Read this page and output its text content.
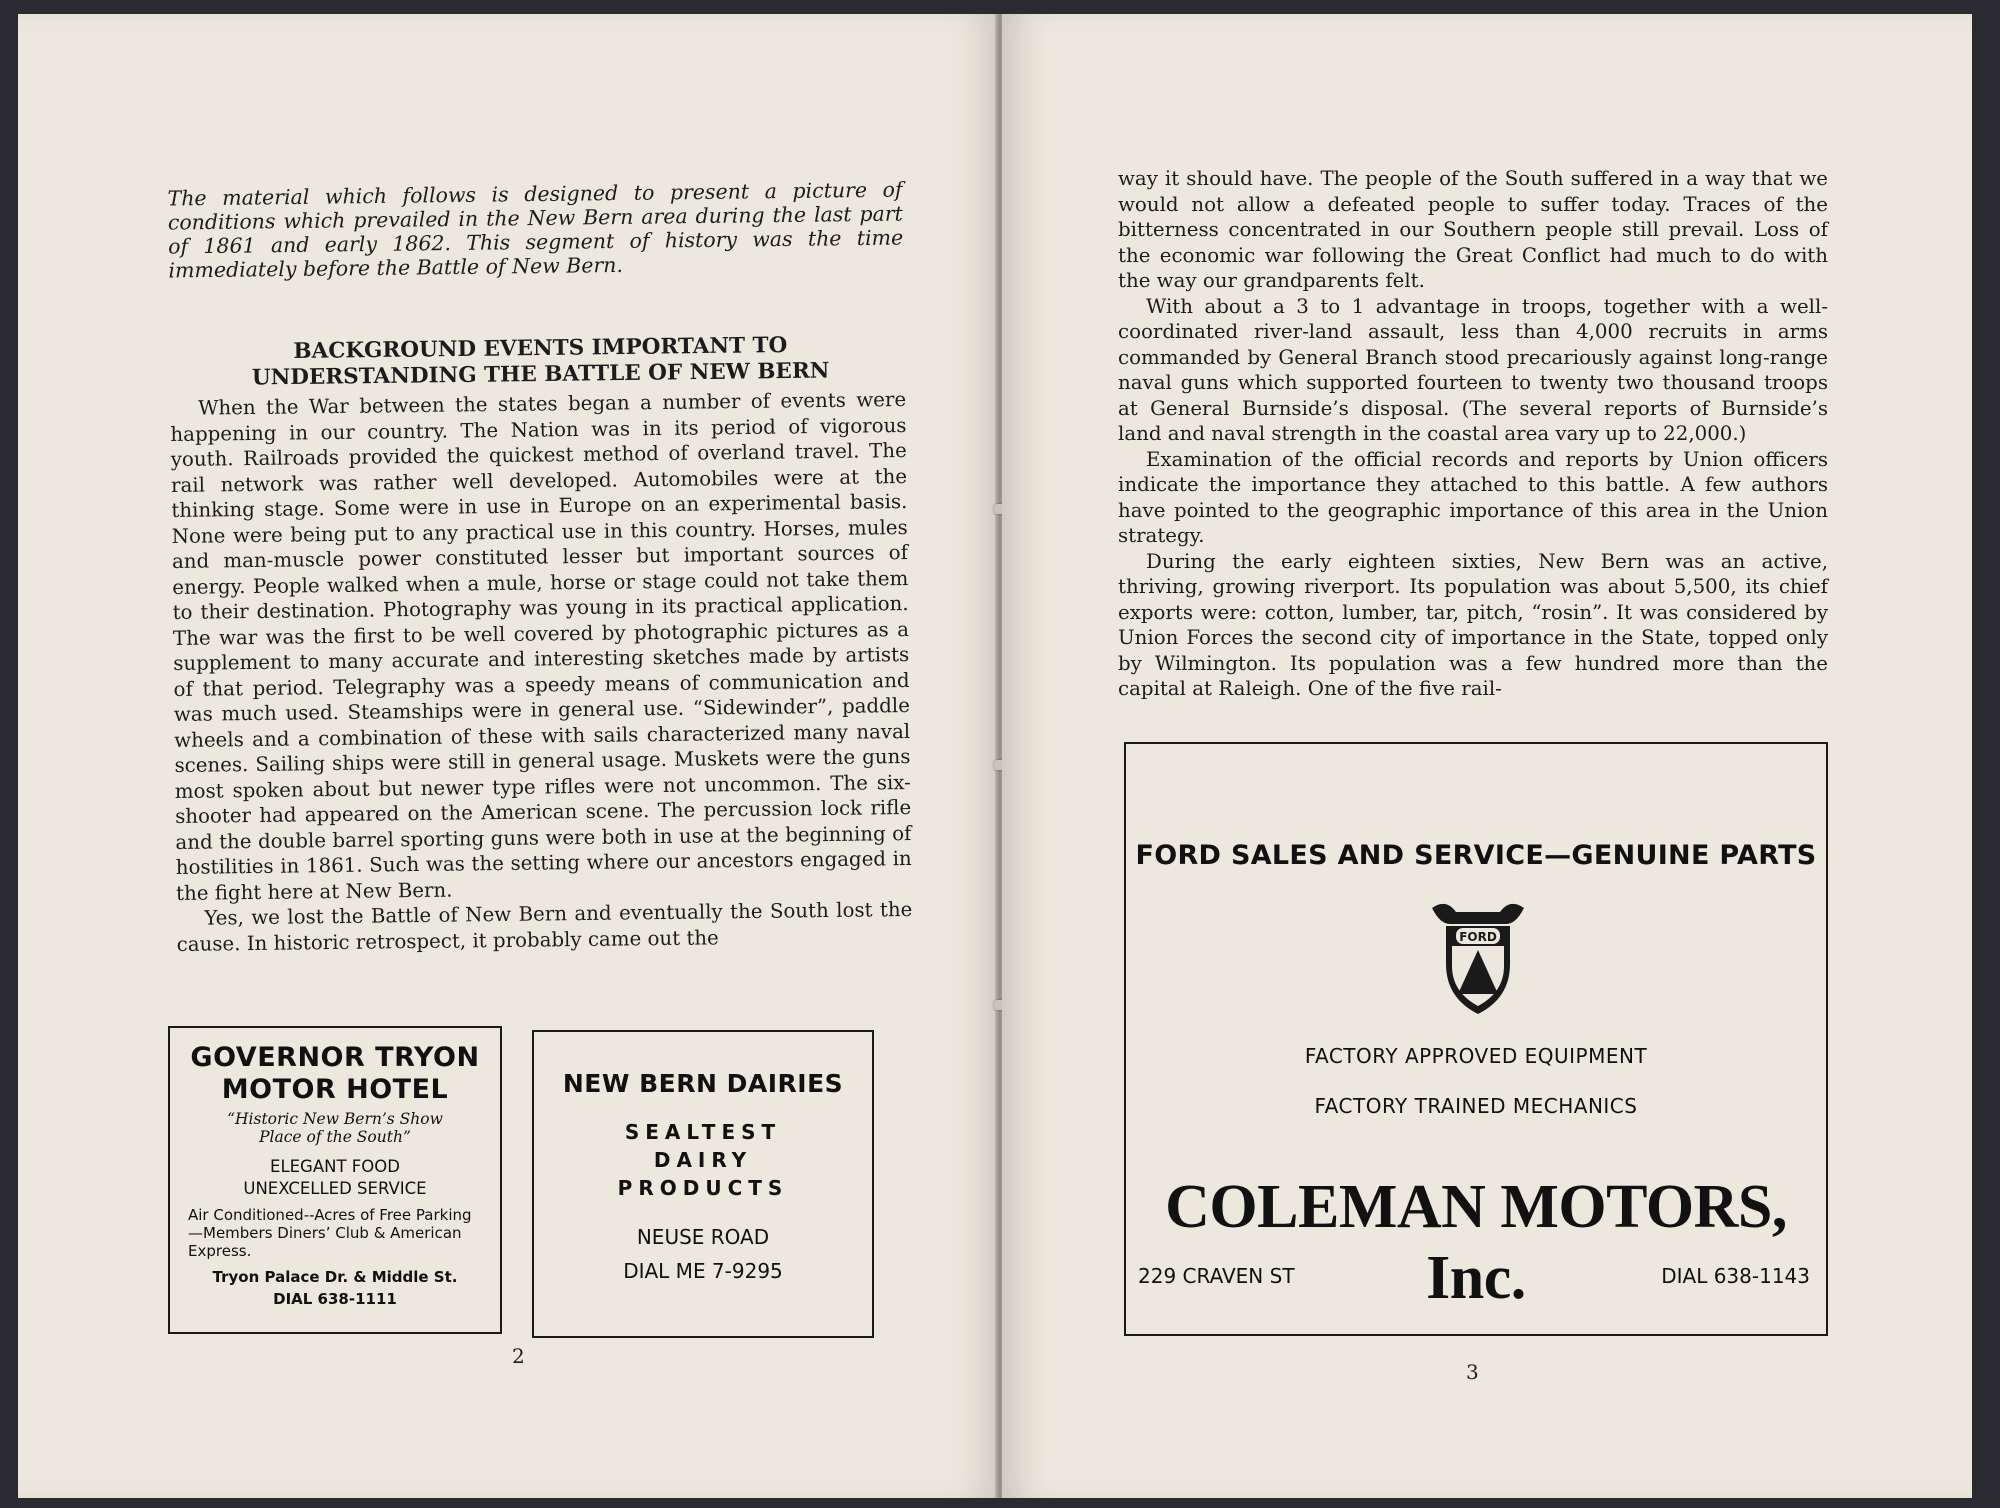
The material which follows is designed to present a picture of conditions which prevailed in the New Bern area during the last part of 1861 and early 1862. This segment of history was the time immediately before the Battle of New Bern.
BACKGROUND EVENTS IMPORTANT TO
UNDERSTANDING THE BATTLE OF NEW BERN

When the War between the states began a number of events were happening in our country. The Nation was in its period of vigorous youth. Railroads provided the quickest method of overland travel. The rail network was rather well developed. Automobiles were at the thinking stage. Some were in use in Europe on an experimental basis. None were being put to any practical use in this country. Horses, mules and man-muscle power constituted lesser but important sources of energy. People walked when a mule, horse or stage could not take them to their destination. Photography was young in its practical application. The war was the first to be well covered by photographic pictures as a supplement to many accurate and interesting sketches made by artists of that period. Telegraphy was a speedy means of communication and was much used. Steamships were in general use. “Sidewinder”, paddle wheels and a combination of these with sails characterized many naval scenes. Sailing ships were still in general usage. Muskets were the guns most spoken about but newer type rifles were not uncommon. The six-shooter had appeared on the American scene. The percussion lock rifle and the double barrel sporting guns were both in use at the beginning of hostilities in 1861. Such was the setting where our ancestors engaged in the fight here at New Bern.

Yes, we lost the Battle of New Bern and eventually the South lost the cause. In historic retrospect, it probably came out the

GOVERNOR TRYON
MOTOR HOTEL
“Historic New Bern’s Show Place of the South”
ELEGANT FOOD
UNEXCELLED SERVICE
Air Conditioned--Acres of Free Parking—Members Diners’ Club & American Express.
Tryon Palace Dr. & Middle St.
DIAL 638-1111
NEW BERN DAIRIES
SEALTEST
DAIRY
PRODUCTS
NEUSE ROAD
DIAL ME 7-9295
2

way it should have. The people of the South suffered in a way that we would not allow a defeated people to suffer today. Traces of the bitterness concentrated in our Southern people still prevail. Loss of the economic war following the Great Conflict had much to do with the way our grandparents felt.

With about a 3 to 1 advantage in troops, together with a well-coordinated river-land assault, less than 4,000 recruits in arms commanded by General Branch stood precariously against long-range naval guns which supported fourteen to twenty two thousand troops at General Burnside’s disposal. (The several reports of Burnside’s land and naval strength in the coastal area vary up to 22,000.)

Examination of the official records and reports by Union officers indicate the importance they attached to this battle. A few authors have pointed to the geographic importance of this area in the Union strategy.

During the early eighteen sixties, New Bern was an active, thriving, growing riverport. Its population was about 5,500, its chief exports were: cotton, lumber, tar, pitch, “rosin”. It was considered by Union Forces the second city of importance in the State, topped only by Wilmington. Its population was a few hundred more than the capital at Raleigh. One of the five rail-

FORD SALES AND SERVICE—GENUINE PARTS
FORD
FACTORY APPROVED EQUIPMENT
FACTORY TRAINED MECHANICS
COLEMAN MOTORS, Inc.
229 CRAVEN ST	DIAL 638-1143
3
